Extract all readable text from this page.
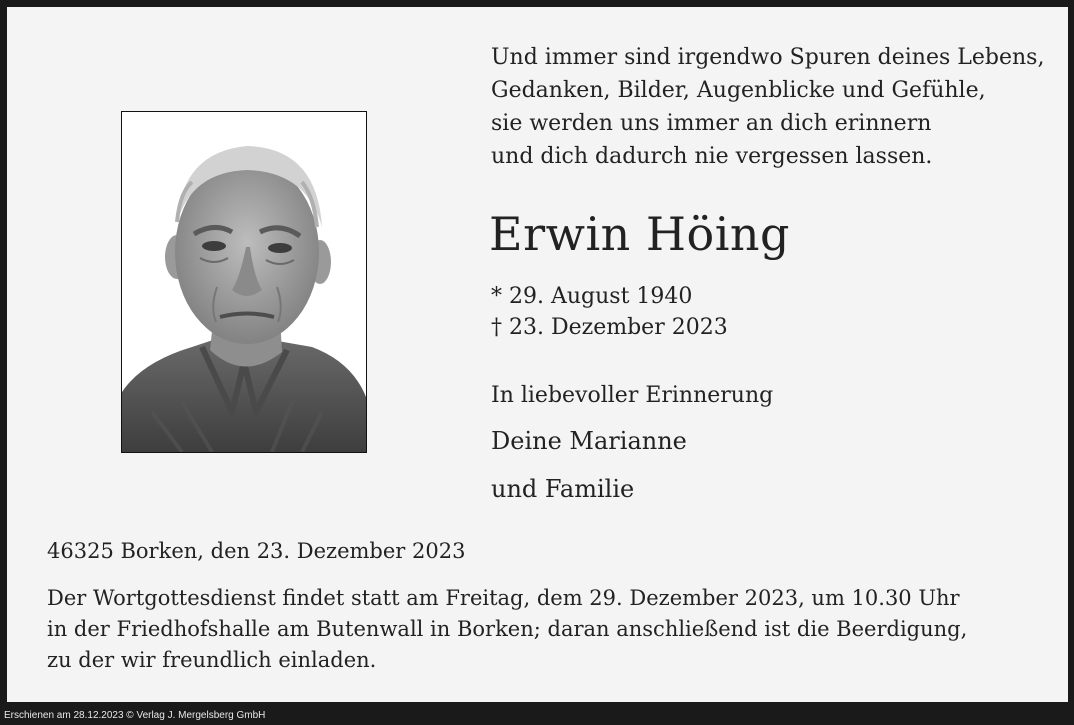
Und immer sind irgendwo Spuren deines Lebens,
Gedanken, Bilder, Augenblicke und Gefühle,
sie werden uns immer an dich erinnern
und dich dadurch nie vergessen lassen.
Erwin Höing
* 29. August 1940
† 23. Dezember 2023
In liebevoller Erinnerung
Deine Marianne
und Familie
46325 Borken, den 23. Dezember 2023
Der Wortgottesdienst findet statt am Freitag, dem 29. Dezember 2023, um 10.30 Uhr
in der Friedhofshalle am Butenwall in Borken; daran anschließend ist die Beerdigung,
zu der wir freundlich einladen.
Erschienen am 28.12.2023 © Verlag J. Mergelsberg GmbH
